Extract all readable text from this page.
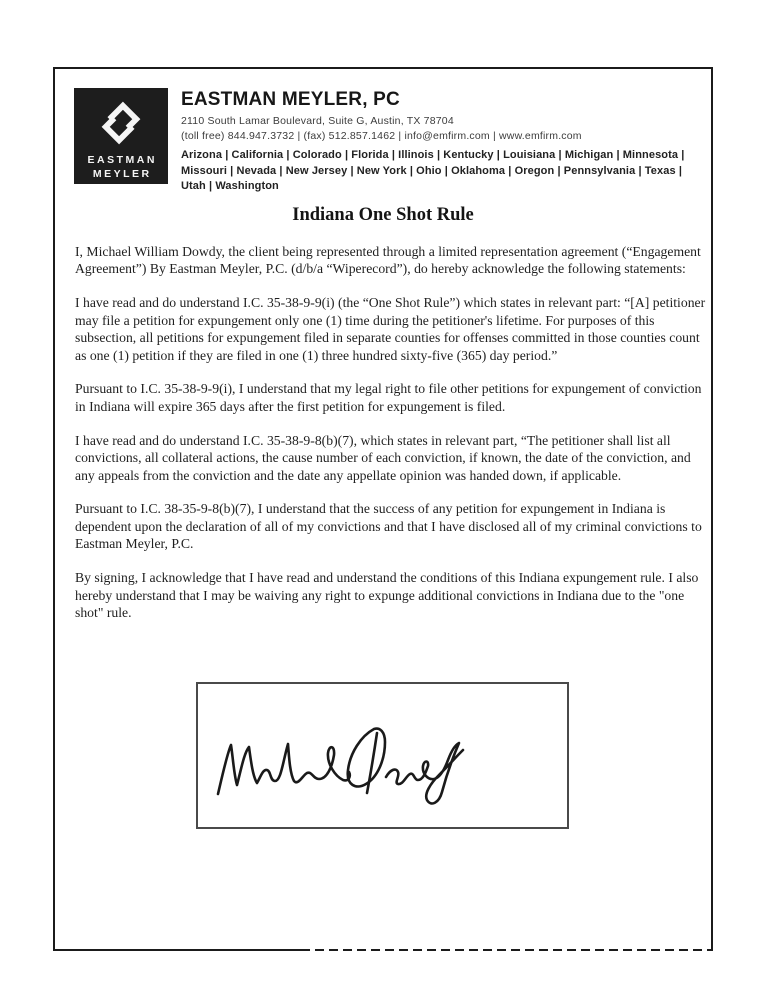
EASTMAN
MEYLER
EASTMAN MEYLER, PC
2110 South Lamar Boulevard, Suite G, Austin, TX 78704
(toll free) 844.947.3732 | (fax) 512.857.1462 | info@emfirm.com | www.emfirm.com
Arizona | California | Colorado | Florida | Illinois | Kentucky | Louisiana | Michigan | Minnesota | Missouri | Nevada | New Jersey | New York | Ohio | Oklahoma | Oregon | Pennsylvania | Texas | Utah | Washington
Indiana One Shot Rule

I, Michael William Dowdy, the client being represented through a limited representation agreement (“Engagement Agreement”) By Eastman Meyler, P.C. (d/b/a “Wiperecord”), do hereby acknowledge the following statements:

I have read and do understand I.C. 35-38-9-9(i) (the “One Shot Rule”) which states in relevant part: “[A] petitioner may file a petition for expungement only one (1) time during the petitioner's lifetime. For purposes of this subsection, all petitions for expungement filed in separate counties for offenses committed in those counties count as one (1) petition if they are filed in one (1) three hundred sixty-five (365) day period.”

Pursuant to I.C. 35-38-9-9(i), I understand that my legal right to file other petitions for expungement of conviction in Indiana will expire 365 days after the first petition for expungement is filed.

I have read and do understand I.C. 35-38-9-8(b)(7), which states in relevant part, “The petitioner shall list all convictions, all collateral actions, the cause number of each conviction, if known, the date of the conviction, and any appeals from the conviction and the date any appellate opinion was handed down, if applicable.

Pursuant to I.C. 38-35-9-8(b)(7), I understand that the success of any petition for expungement in Indiana is dependent upon the declaration of all of my convictions and that I have disclosed all of my criminal convictions to Eastman Meyler, P.C.

By signing, I acknowledge that I have read and understand the conditions of this Indiana expungement rule. I also hereby understand that I may be waiving any right to expunge additional convictions in Indiana due to the "one shot" rule.
